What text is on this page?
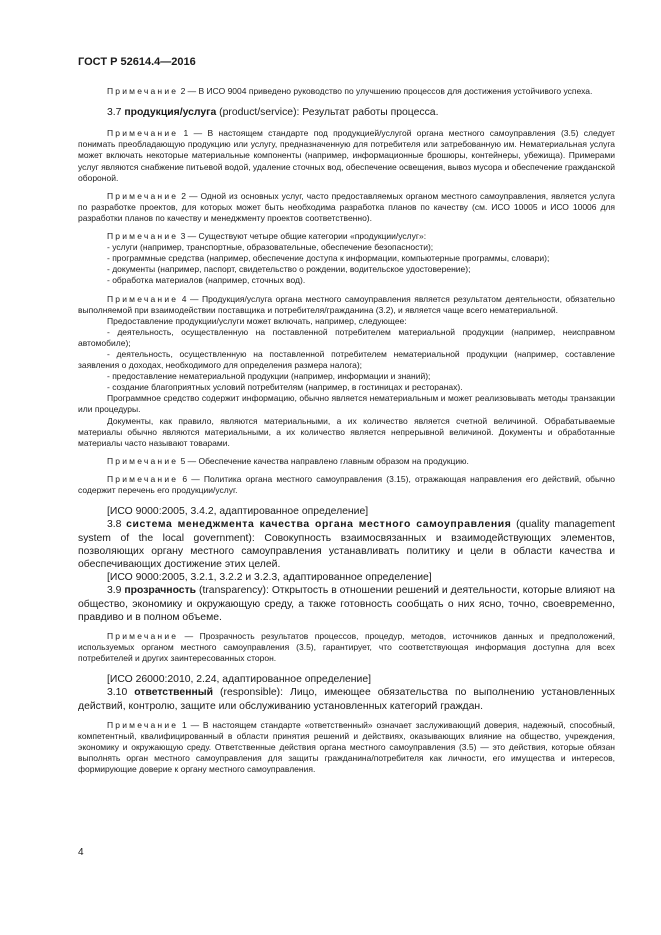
ГОСТ Р 52614.4—2016

Примечание 2 — В ИСО 9004 приведено руководство по улучшению процессов для достижения устойчивого успеха.

3.7 продукция/услуга (product/service): Результат работы процесса.

Примечание 1 — В настоящем стандарте под продукцией/услугой органа местного самоуправления (3.5) следует понимать преобладающую продукцию или услугу, предназначенную для потребителя или затребованную им. Нематериальная услуга может включать некоторые материальные компоненты (например, информационные брошюры, контейнеры, убежища). Примерами услуг являются снабжение питьевой водой, удаление сточных вод, обеспечение освещения, вывоз мусора и обеспечение гражданской обороной.

Примечание 2 — Одной из основных услуг, часто предоставляемых органом местного самоуправления, является услуга по разработке проектов, для которых может быть необходима разработка планов по качеству (см. ИСО 10005 и ИСО 10006 для разработки планов по качеству и менеджменту проектов соответственно).

Примечание 3 — Существуют четыре общие категории «продукции/услуг»:

- услуги (например, транспортные, образовательные, обеспечение безопасности);

- программные средства (например, обеспечение доступа к информации, компьютерные программы, словари);

- документы (например, паспорт, свидетельство о рождении, водительское удостоверение);

- обработка материалов (например, сточных вод).

Примечание 4 — Продукция/услуга органа местного самоуправления является результатом деятельности, обязательно выполняемой при взаимодействии поставщика и потребителя/гражданина (3.2), и является чаще всего нематериальной.

Предоставление продукции/услуги может включать, например, следующее:

- деятельность, осуществленную на поставленной потребителем материальной продукции (например, неисправном автомобиле);

- деятельность, осуществленную на поставленной потребителем нематериальной продукции (например, составление заявления о доходах, необходимого для определения размера налога);

- предоставление нематериальной продукции (например, информации и знаний);

- создание благоприятных условий потребителям (например, в гостиницах и ресторанах).

Программное средство содержит информацию, обычно является нематериальным и может реализовывать методы транзакции или процедуры.

Документы, как правило, являются материальными, а их количество является счетной величиной. Обрабатываемые материалы обычно являются материальными, а их количество является непрерывной величиной. Документы и обработанные материалы часто называют товарами.

Примечание 5 — Обеспечение качества направлено главным образом на продукцию.

Примечание 6 — Политика органа местного самоуправления (3.15), отражающая направления его действий, обычно содержит перечень его продукции/услуг.

[ИСО 9000:2005, 3.4.2, адаптированное определение]

3.8 система менеджмента качества органа местного самоуправления (quality management system of the local government): Совокупность взаимосвязанных и взаимодействующих элементов, позволяющих органу местного самоуправления устанавливать политику и цели в области качества и обеспечивающих достижение этих целей.

[ИСО 9000:2005, 3.2.1, 3.2.2 и 3.2.3, адаптированное определение]

3.9 прозрачность (transparency): Открытость в отношении решений и деятельности, которые влияют на общество, экономику и окружающую среду, а также готовность сообщать о них ясно, точно, своевременно, правдиво и в полном объеме.

Примечание — Прозрачность результатов процессов, процедур, методов, источников данных и предположений, используемых органом местного самоуправления (3.5), гарантирует, что соответствующая информация доступна для всех потребителей и других заинтересованных сторон.

[ИСО 26000:2010, 2.24, адаптированное определение]

3.10 ответственный (responsible): Лицо, имеющее обязательства по выполнению установленных действий, контролю, защите или обслуживанию установленных категорий граждан.

Примечание 1 — В настоящем стандарте «ответственный» означает заслуживающий доверия, надежный, способный, компетентный, квалифицированный в области принятия решений и действиях, оказывающих влияние на общество, учреждения, экономику и окружающую среду. Ответственные действия органа местного самоуправления (3.5) — это действия, которые обязан выполнять орган местного самоуправления для защиты гражданина/потребителя как личности, его имущества и интересов, формирующие доверие к органу местного самоуправления.

4
